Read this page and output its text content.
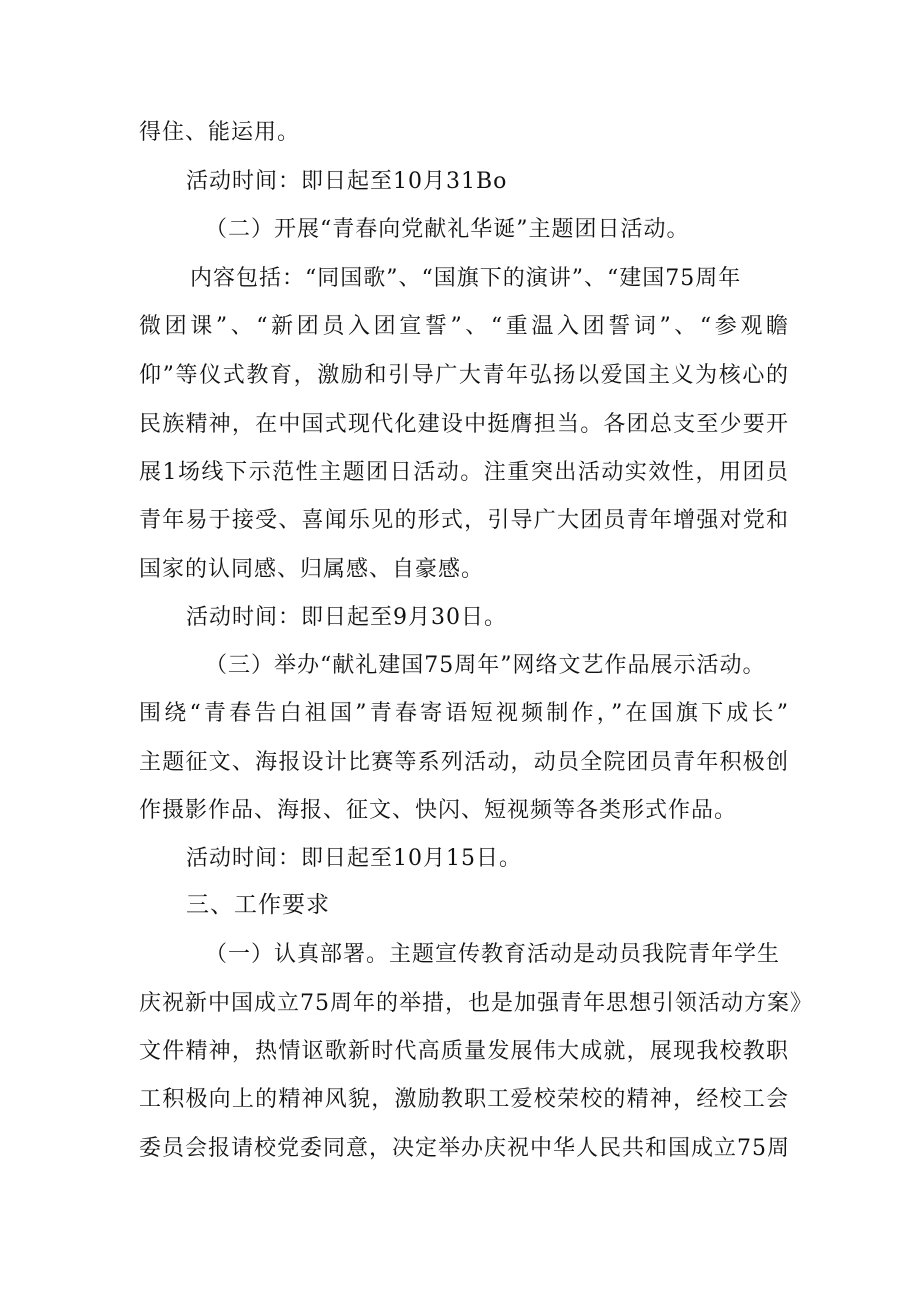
得住、能运用。
活动时间：即日起至10月31Bo
（二）开展“青春向党献礼华诞”主题团日活动。
内容包括：“同国歌”、“国旗下的演讲”、“建国75周年
微团课”、“新团员入团宣誓”、“重温入团誓词”、“参观瞻
仰”等仪式教育，激励和引导广大青年弘扬以爱国主义为核心的
民族精神，在中国式现代化建设中挺膺担当。各团总支至少要开
展1场线下示范性主题团日活动。注重突出活动实效性，用团员
青年易于接受、喜闻乐见的形式，引导广大团员青年增强对党和
国家的认同感、归属感、自豪感。
活动时间：即日起至9月30日。
（三）举办“献礼建国75周年”网络文艺作品展示活动。
围绕“青春告白祖国”青春寄语短视频制作，”在国旗下成长”
主题征文、海报设计比赛等系列活动，动员全院团员青年积极创
作摄影作品、海报、征文、快闪、短视频等各类形式作品。
活动时间：即日起至10月15日。
三、工作要求
（一）认真部署。主题宣传教育活动是动员我院青年学生
庆祝新中国成立75周年的举措，也是加强青年思想引领活动方案》
文件精神，热情讴歌新时代高质量发展伟大成就，展现我校教职
工积极向上的精神风貌，激励教职工爱校荣校的精神，经校工会
委员会报请校党委同意，决定举办庆祝中华人民共和国成立75周
